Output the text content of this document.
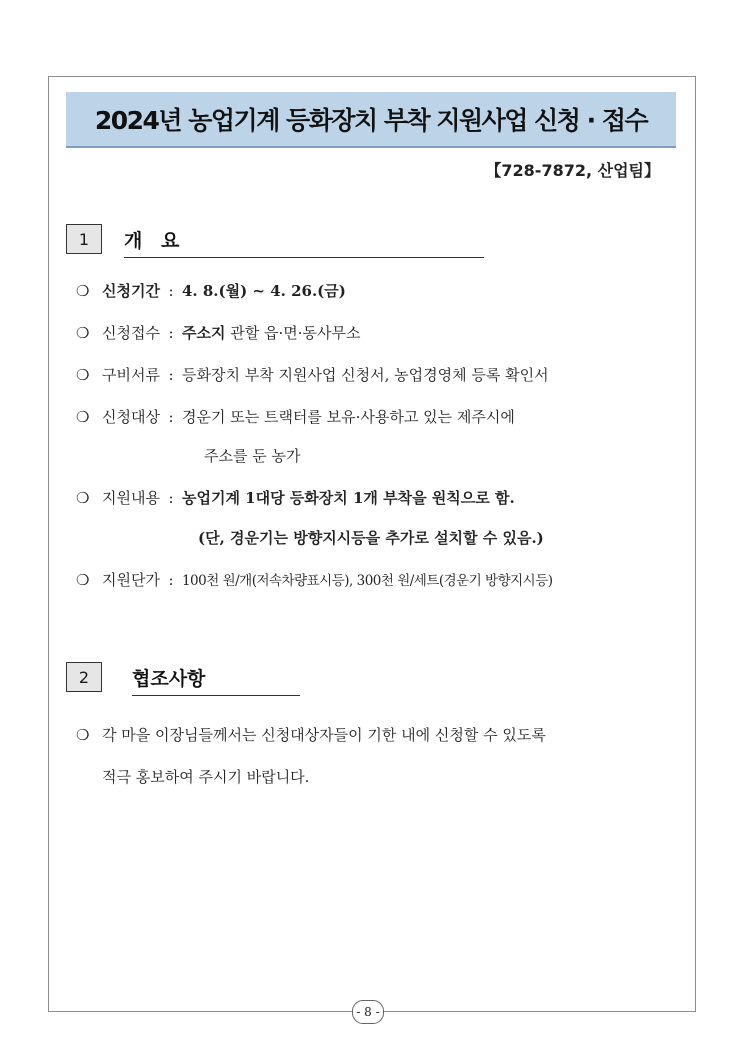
2024년 농업기계 등화장치 부착 지원사업 신청 · 접수
【728-7872, 산업팀】
1	개 요
❍ 신청기간 : 4. 8.(월) ~ 4. 26.(금)
❍ 신청접수 : 주소지 관할 읍·면·동사무소
❍ 구비서류 : 등화장치 부착 지원사업 신청서, 농업경영체 등록 확인서
❍ 신청대상 : 경운기 또는 트랙터를 보유·사용하고 있는 제주시에
주소를 둔 농가
❍ 지원내용 : 농업기계 1대당 등화장치 1개 부착을 원칙으로 함.
(단, 경운기는 방향지시등을 추가로 설치할 수 있음.)
❍ 지원단가 : 100천 원/개(저속차량표시등), 300천 원/세트(경운기 방향지시등)
2	협조사항
❍ 각 마을 이장님들께서는 신청대상자들이 기한 내에 신청할 수 있도록
적극 홍보하여 주시기 바랍니다.
- 8 -
